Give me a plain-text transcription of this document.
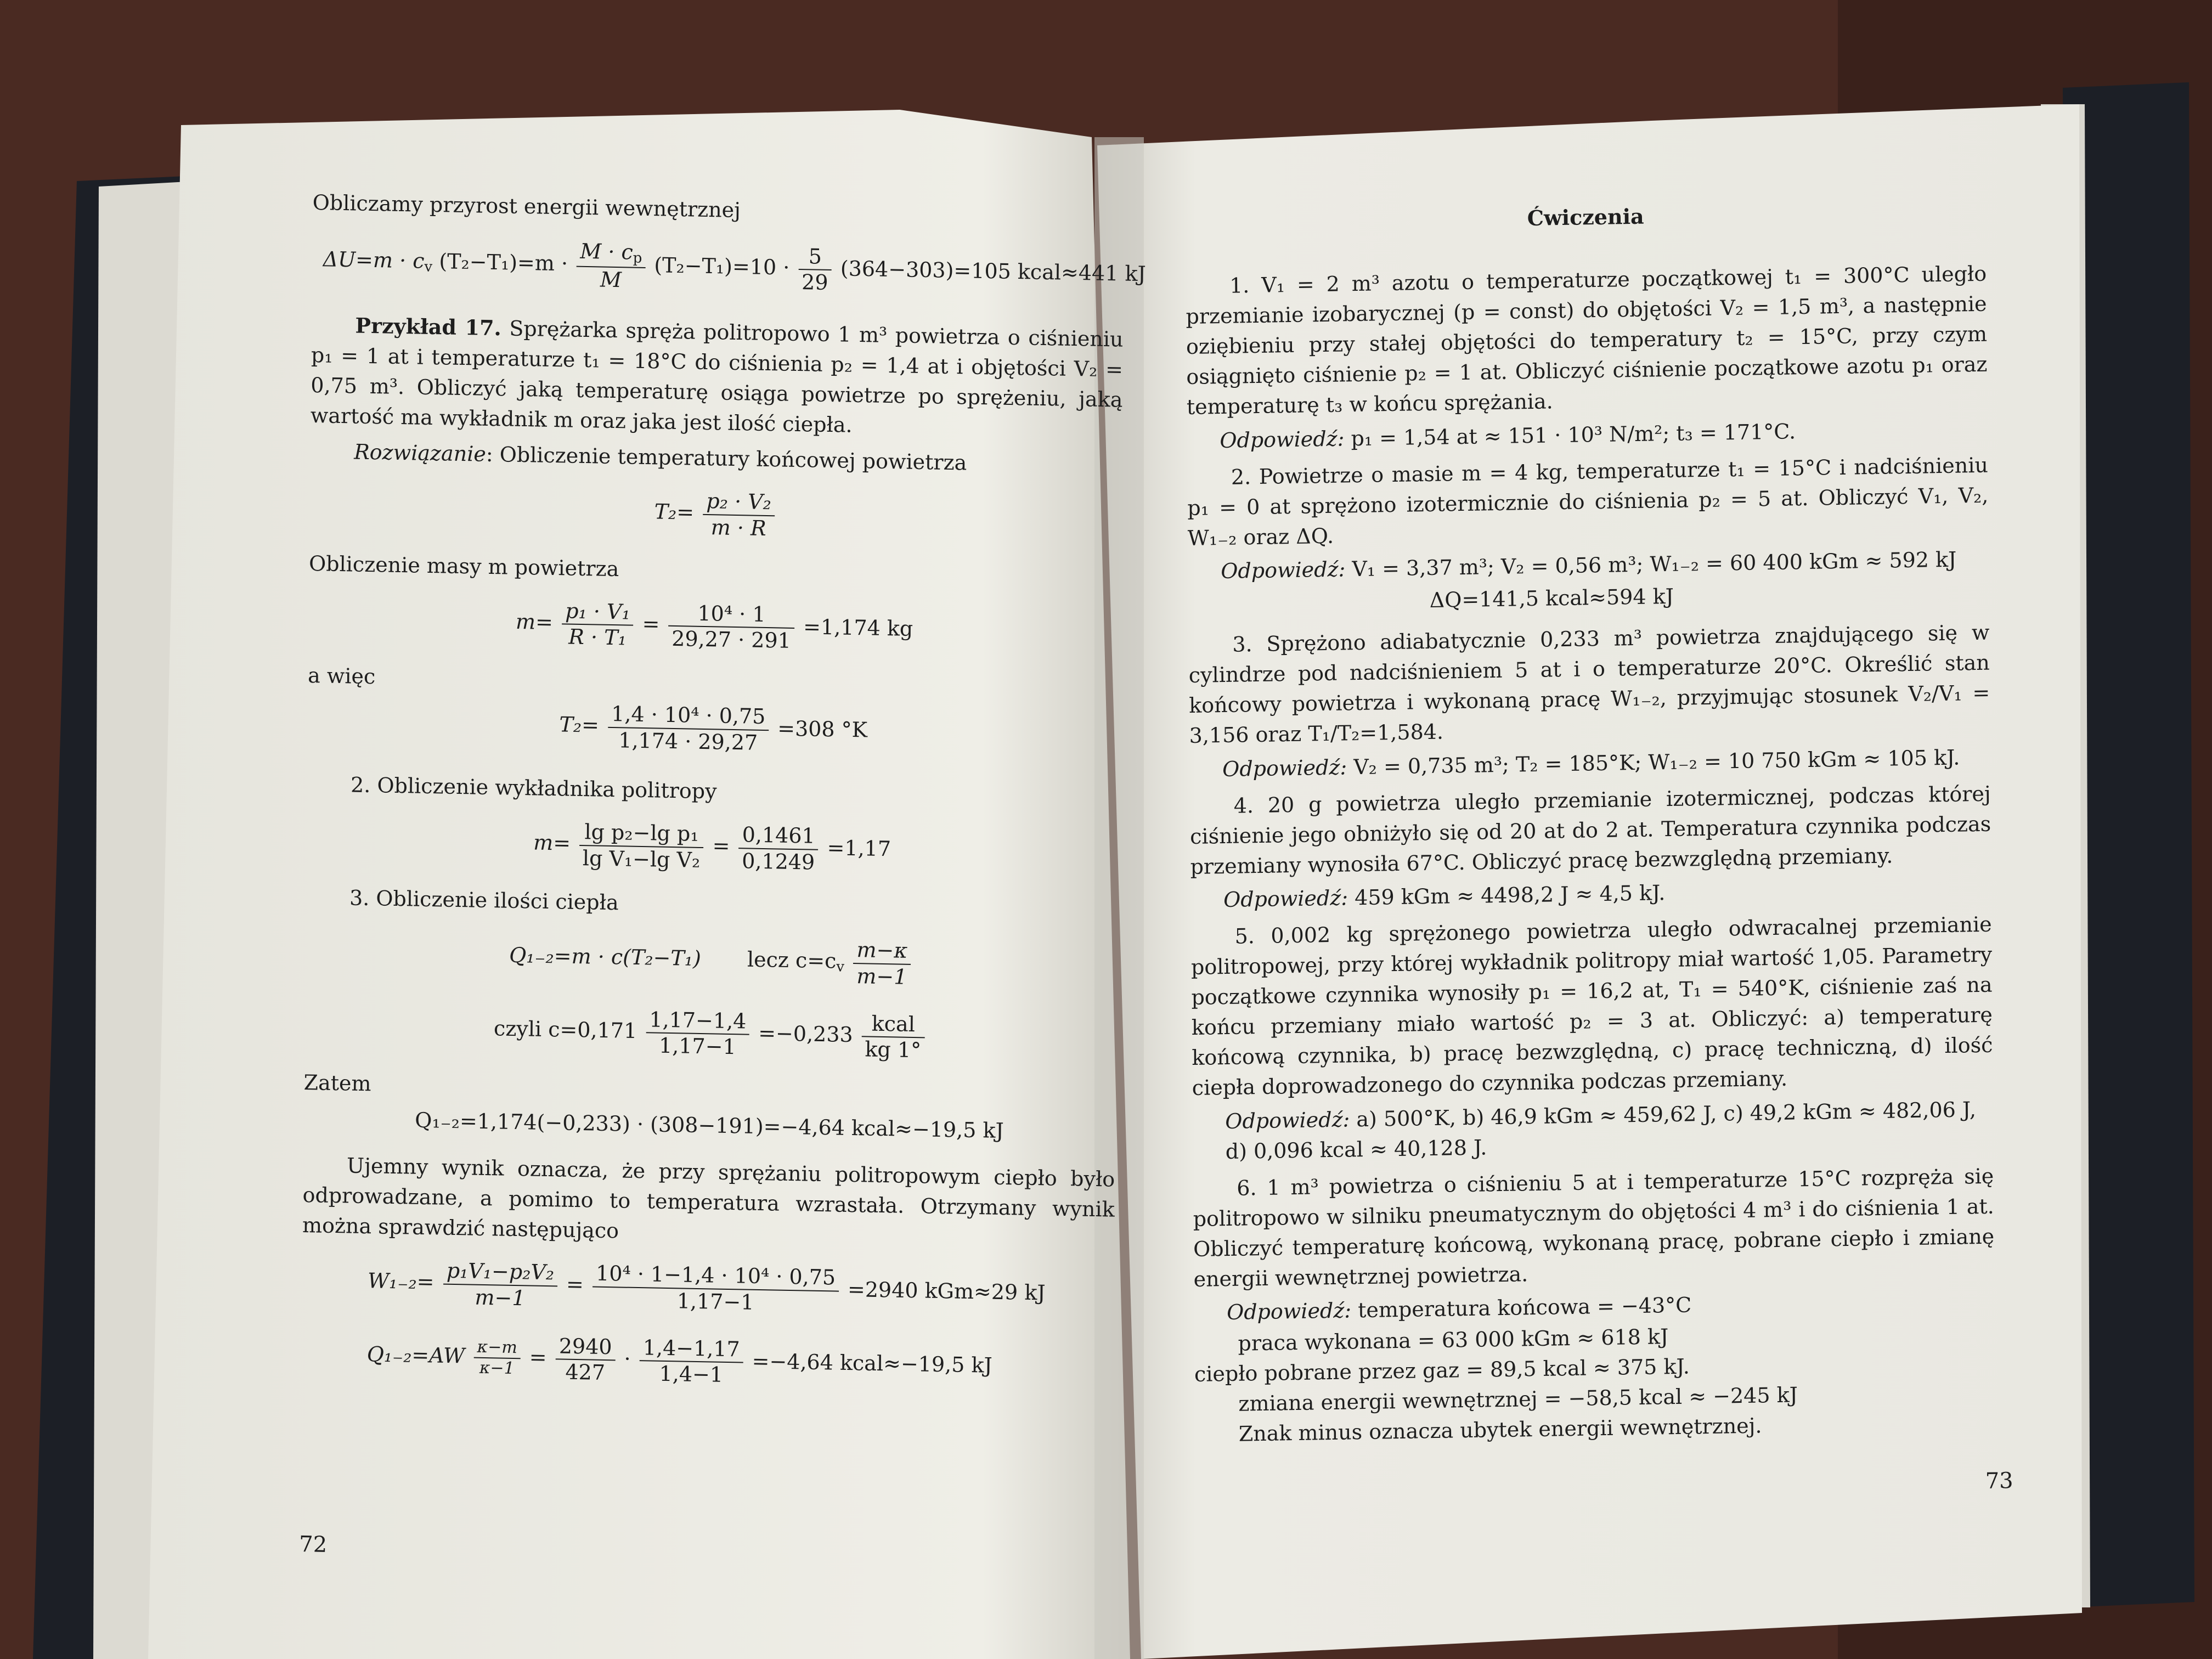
Obliczamy przyrost energii wewnętrznej

$\Delta U=m \cdot c_v$ $(T_2-T_1)=m \cdot \frac{M \cdot c_p}{M} (T_2-T_1)=10 \cdot \frac{5}{29} (364-303)=105$ kcal≈441 kJ

Przykład 17. Sprężarka spręża politropowo 1 m³ powietrza o ciśnieniu p₁ = 1 at i temperaturze t₁ = 18°C do ciśnienia p₂ = 1,4 at i objętości V₂ = 0,75 m³. Obliczyć jaką temperaturę osiąga powietrze po sprężeniu, jaką wartość ma wykładnik m oraz jaka jest ilość ciepła.

Rozwiązanie: Obliczenie temperatury końcowej powietrza

$T_2= \frac{\text{p₂ · V₂}}{m \cdot R}$

Obliczenie masy m powietrza

$m= \frac{\text{p₁ · V₁}}{\text{R · T₁}} = \frac{\text{10⁴ · 1}}{29,27 \cdot 291} =1,174$ kg

a więc

$T_2= \frac{\text{1,4 · 10⁴ · 0,75}}{1,174 \cdot 29,27} =308$ °K

2. Obliczenie wykładnika politropy

$m= \frac{\text{lg p₂−lg p₁}}{\text{lg V₁−lg V₂}} = \frac{0,1461}{0,1249} =1,17$

3. Obliczenie ilości ciepła

Q₁₋₂=m · c(T₂−T₁) lecz $c=c_v \frac{m-\kappa}{m-1}$
czyli $c=0,171 \frac{1,17-1,4}{1,17-1} =-0,233 \frac{\text{kcal}}{kg 1^\circ}$

Zatem

Q₁₋₂=1,174(−0,233) · (308−191)=−4,64 kcal≈−19,5 kJ

Ujemny wynik oznacza, że przy sprężaniu politropowym ciepło było odprowadzane, a pomimo to temperatura wzrastała. Otrzymany wynik można sprawdzić następująco

$W_{1-2}= \frac{\text{p₁V₁−p₂V₂}}{m-1} = \frac{\text{10⁴ · 1−1,4 · 10⁴ · 0,75}}{1,17-1} =2940$ kGm≈29 kJ
$Q_{1-2}=AW \frac{\kappa-m}{\kappa-1} = \frac{2940}{427} \cdot \frac{1,4-1,17}{1,4-1} =-4,64$ kcal≈−19,5 kJ
72

Ćwiczenia

1. V₁ = 2 m³ azotu o temperaturze początkowej t₁ = 300°C uległo przemianie izobarycznej (p = const) do objętości V₂ = 1,5 m³, a następnie oziębieniu przy stałej objętości do temperatury t₂ = 15°C, przy czym osiągnięto ciśnienie p₂ = 1 at. Obliczyć ciśnienie początkowe azotu p₁ oraz temperaturę t₃ w końcu sprężania.

Odpowiedź: p₁ = 1,54 at ≈ 151 · 10³ N/m²; t₃ = 171°C.

2. Powietrze o masie m = 4 kg, temperaturze t₁ = 15°C i nadciśnieniu p₁ = 0 at sprężono izotermicznie do ciśnienia p₂ = 5 at. Obliczyć V₁, V₂, W₁₋₂ oraz ΔQ.

Odpowiedź: V₁ = 3,37 m³; V₂ = 0,56 m³; W₁₋₂ = 60 400 kGm ≈ 592 kJ

ΔQ=141,5 kcal≈594 kJ

3. Sprężono adiabatycznie 0,233 m³ powietrza znajdującego się w cylindrze pod nadciśnieniem 5 at i o temperaturze 20°C. Określić stan końcowy powietrza i wykonaną pracę W₁₋₂, przyjmując stosunek V₂/V₁ = 3,156 oraz T₁/T₂=1,584.

Odpowiedź: V₂ = 0,735 m³; T₂ = 185°K; W₁₋₂ = 10 750 kGm ≈ 105 kJ.

4. 20 g powietrza uległo przemianie izotermicznej, podczas której ciśnienie jego obniżyło się od 20 at do 2 at. Temperatura czynnika podczas przemiany wynosiła 67°C. Obliczyć pracę bezwzględną przemiany.

Odpowiedź: 459 kGm ≈ 4498,2 J ≈ 4,5 kJ.

5. 0,002 kg sprężonego powietrza uległo odwracalnej przemianie politropowej, przy której wykładnik politropy miał wartość 1,05. Parametry początkowe czynnika wynosiły p₁ = 16,2 at, T₁ = 540°K, ciśnienie zaś na końcu przemiany miało wartość p₂ = 3 at. Obliczyć: a) temperaturę końcową czynnika, b) pracę bezwzględną, c) pracę techniczną, d) ilość ciepła doprowadzonego do czynnika podczas przemiany.

Odpowiedź: a) 500°K, b) 46,9 kGm ≈ 459,62 J, c) 49,2 kGm ≈ 482,06 J, d) 0,096 kcal ≈ 40,128 J.

6. 1 m³ powietrza o ciśnieniu 5 at i temperaturze 15°C rozpręża się politropowo w silniku pneumatycznym do objętości 4 m³ i do ciśnienia 1 at. Obliczyć temperaturę końcową, wykonaną pracę, pobrane ciepło i zmianę energii wewnętrznej powietrza.

Odpowiedź: temperatura końcowa = −43°C

praca wykonana = 63 000 kGm ≈ 618 kJ

ciepło pobrane przez gaz = 89,5 kcal ≈ 375 kJ.

zmiana energii wewnętrznej = −58,5 kcal ≈ −245 kJ

Znak minus oznacza ubytek energii wewnętrznej.

73
